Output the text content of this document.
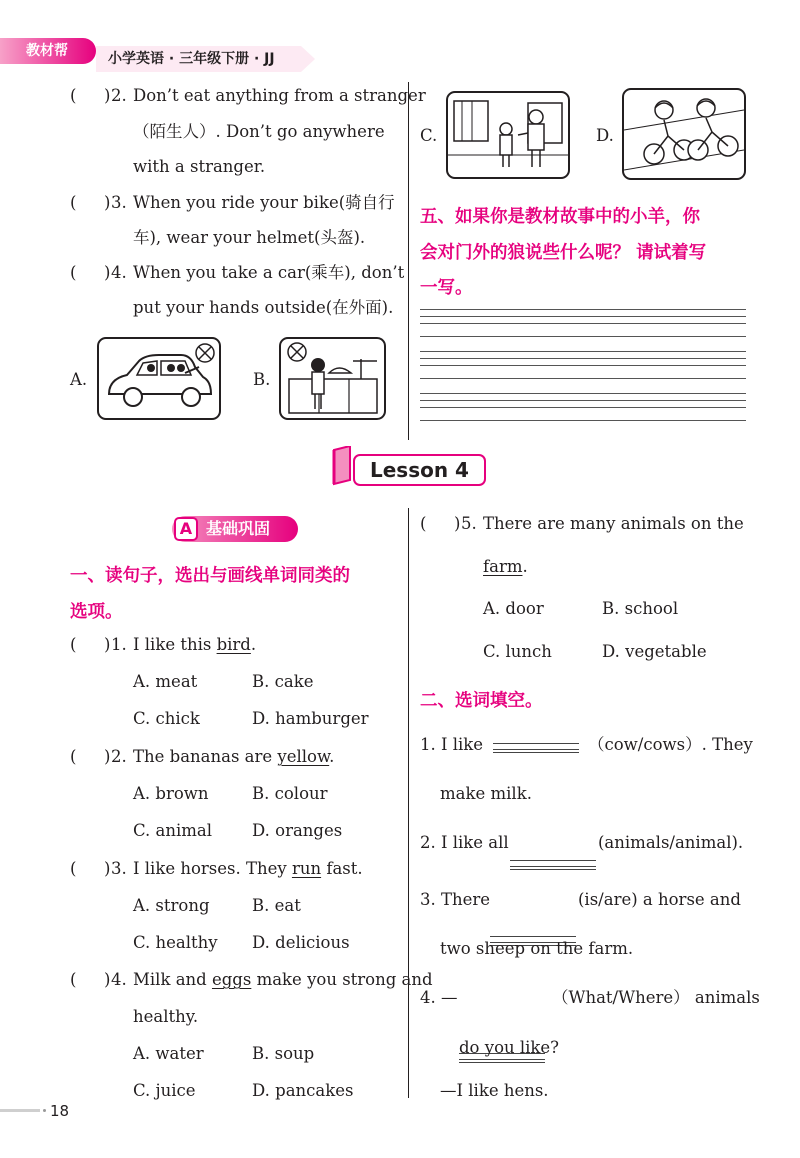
教材帮	小学英语 · 三年级下册 · JJ
( ) 2. Don’t eat anything from a stranger
（陌生人）. Don’t go anywhere
with a stranger.
( ) 3. When you ride your bike(骑自行
车), wear your helmet(头盔).
( ) 4. When you take a car(乘车), don’t
put your hands outside(在外面).
A.	B.
C.	D.
五、如果你是教材故事中的小羊，你
会对门外的狼说些什么呢？ 请试着写
一写。
Lesson 4
基础巩固
A
一、读句子，选出与画线单词同类的
选项。
( ) 1. I like this bird.
A. meat	B. cake
C. chick	D. hamburger
( ) 2. The bananas are yellow.
A. brown	B. colour
C. animal D. oranges
( ) 3. I like horses. They run fast.
A. strong	B. eat
C. healthy D. delicious
( ) 4. Milk and eggs make you strong and
healthy.
A. water	B. soup
C. juice	D. pancakes
( ) 5. There are many animals on the
farm.
A. door	B. school
C. lunch	D. vegetable
二、选词填空。
1. I like	（cow/cows）. They
make milk.
2. I like all	(animals/animal).
3. There	(is/are) a horse and
two sheep on the farm.
4. —	（What/Where） animals
do you like?
—I like hens.
18
